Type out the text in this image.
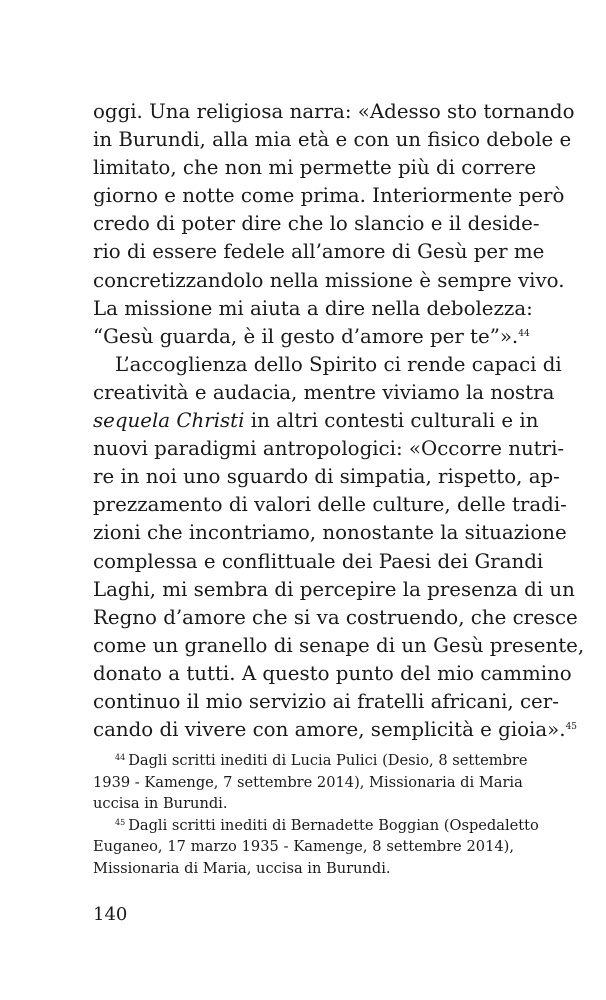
oggi. Una religiosa narra: «Adesso sto tornando
in Burundi, alla mia età e con un fisico debole e
limitato, che non mi permette più di correre
giorno e notte come prima. Interiormente però
credo di poter dire che lo slancio e il deside-
rio di essere fedele all’amore di Gesù per me
concretizzandolo nella missione è sempre vivo.
La missione mi aiuta a dire nella debolezza:
“Gesù guarda, è il gesto d’amore per te”».$^{44}$
L’accoglienza dello Spirito ci rende capaci di
creatività e audacia, mentre viviamo la nostra
sequela Christi in altri contesti culturali e in
nuovi paradigmi antropologici: «Occorre nutri-
re in noi uno sguardo di simpatia, rispetto, ap-
prezzamento di valori delle culture, delle tradi-
zioni che incontriamo, nonostante la situazione
complessa e conflittuale dei Paesi dei Grandi
Laghi, mi sembra di percepire la presenza di un
Regno d’amore che si va costruendo, che cresce
come un granello di senape di un Gesù presente,
donato a tutti. A questo punto del mio cammino
continuo il mio servizio ai fratelli africani, cer-
cando di vivere con amore, semplicità e gioia».$^{45}$
$^{44}$ Dagli scritti inediti di Lucia Pulici (Desio, 8 settembre
1939 - Kamenge, 7 settembre 2014), Missionaria di Maria
uccisa in Burundi.
$^{45}$ Dagli scritti inediti di Bernadette Boggian (Ospedaletto
Euganeo, 17 marzo 1935 - Kamenge, 8 settembre 2014),
Missionaria di Maria, uccisa in Burundi.
140
